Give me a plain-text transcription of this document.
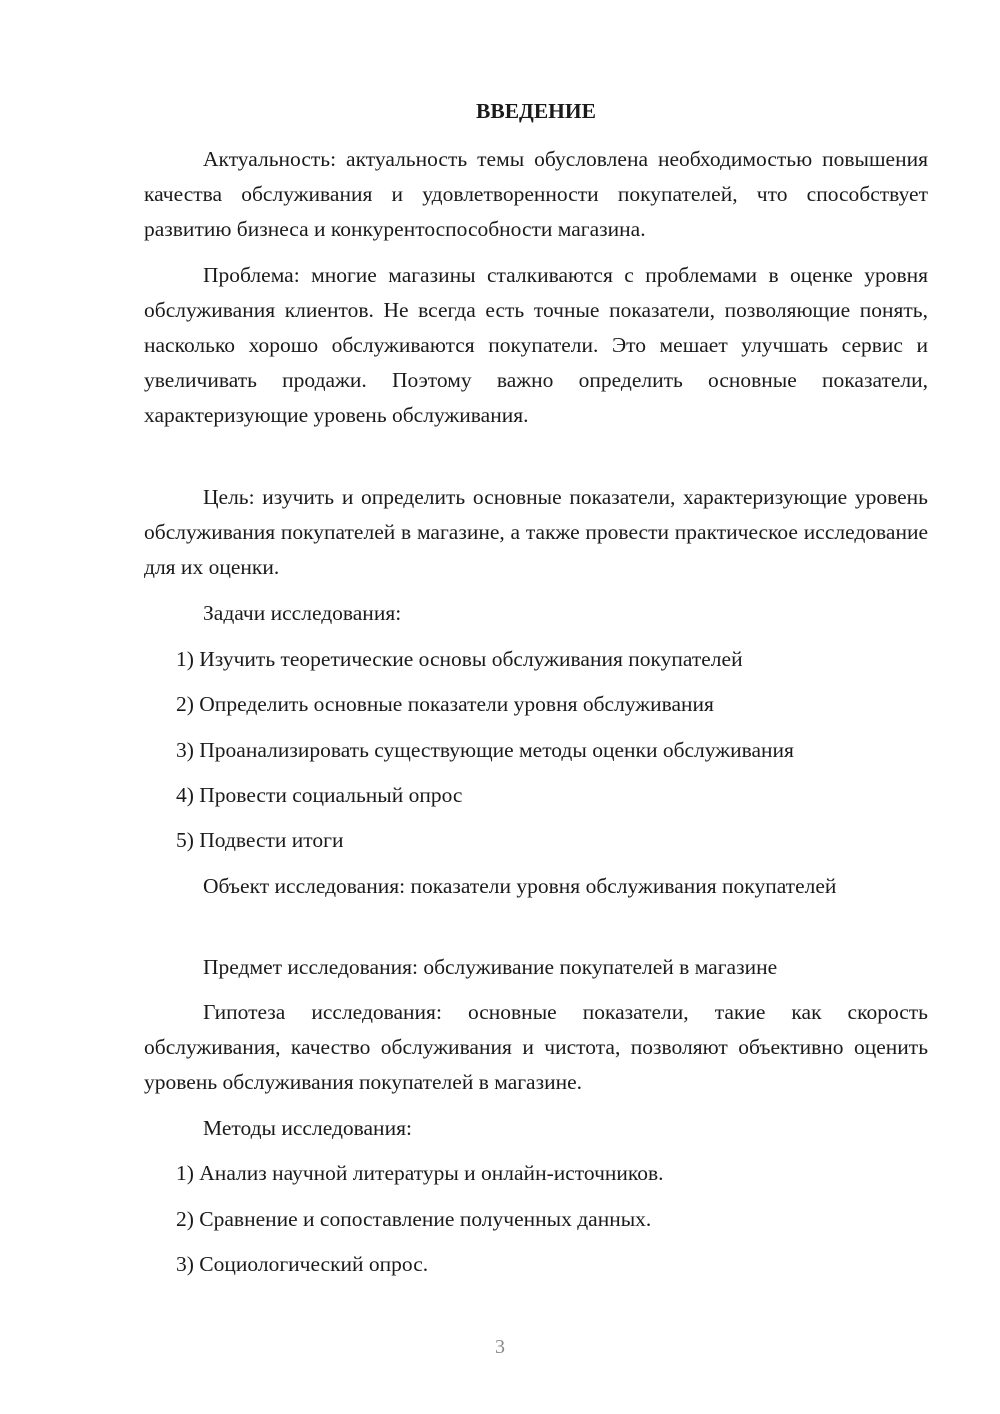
ВВЕДЕНИЕ

Актуальность: актуальность темы обусловлена необходимостью повышения качества обслуживания и удовлетворенности покупателей, что способствует развитию бизнеса и конкурентоспособности магазина.

Проблема: многие магазины сталкиваются с проблемами в оценке уровня обслуживания клиентов. Не всегда есть точные показатели, позволяющие понять, насколько хорошо обслуживаются покупатели. Это мешает улучшать сервис и увеличивать продажи. Поэтому важно определить основные показатели, характеризующие уровень обслуживания.

Цель: изучить и определить основные показатели, характеризующие уровень обслуживания покупателей в магазине, а также провести практическое исследование для их оценки.

Задачи исследования:

1) Изучить теоретические основы обслуживания покупателей

2) Определить основные показатели уровня обслуживания

3) Проанализировать существующие методы оценки обслуживания

4) Провести социальный опрос

5) Подвести итоги

Объект исследования: показатели уровня обслуживания покупателей

Предмет исследования: обслуживание покупателей в магазине

Гипотеза исследования: основные показатели, такие как скорость обслуживания, качество обслуживания и чистота, позволяют объективно оценить уровень обслуживания покупателей в магазине.

Методы исследования:

1) Анализ научной литературы и онлайн-источников.

2) Сравнение и сопоставление полученных данных.

3) Социологический опрос.

3
